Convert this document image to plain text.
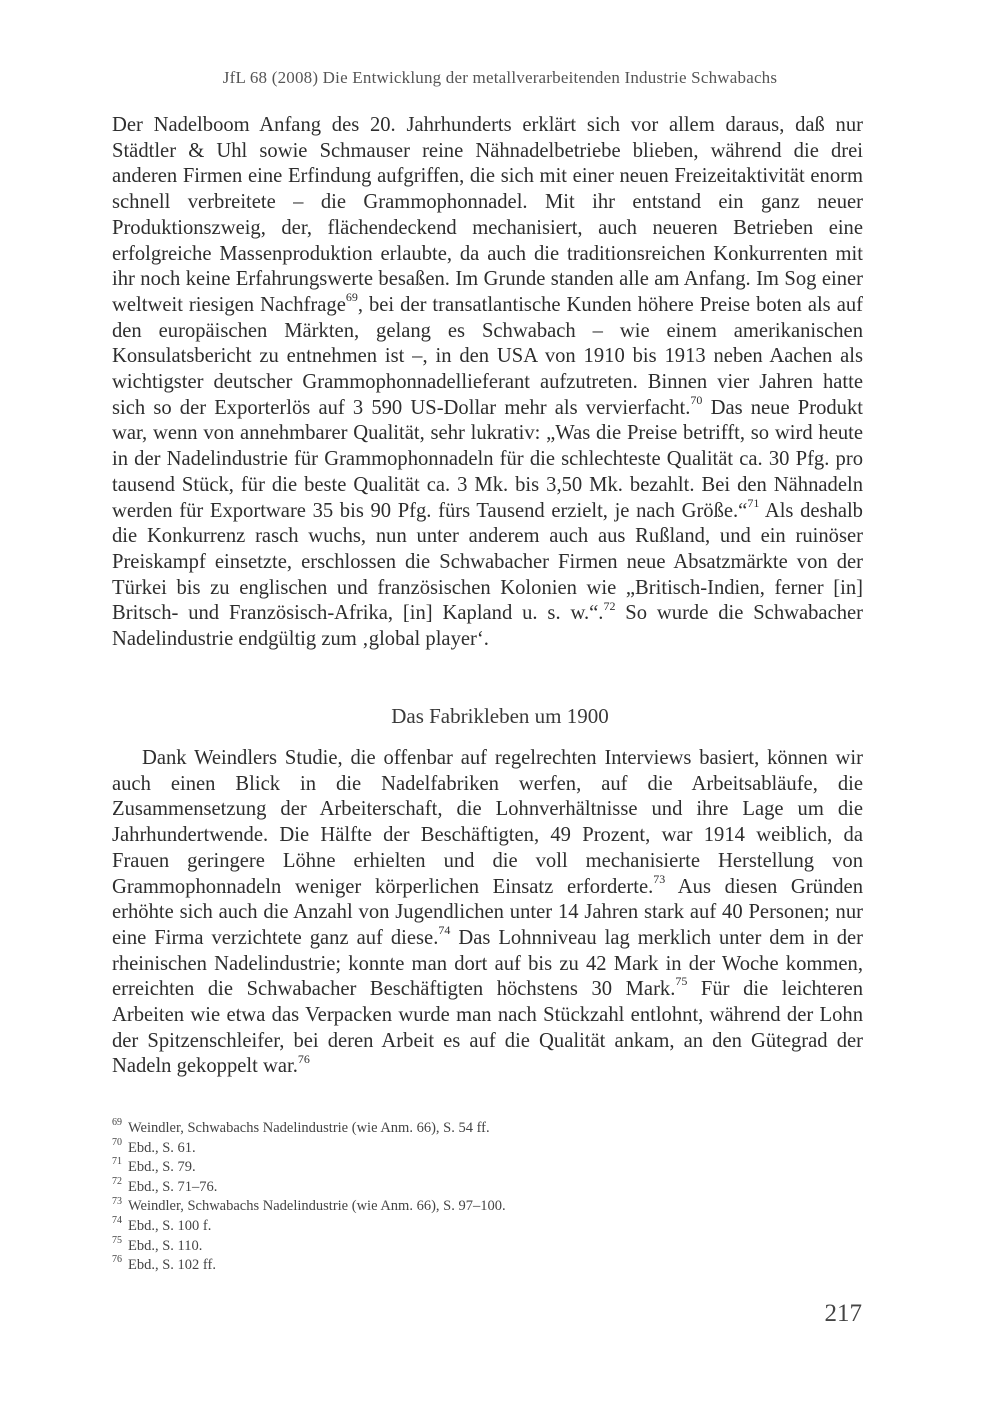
JfL 68 (2008) Die Entwicklung der metallverarbeitenden Industrie Schwabachs

Der Nadelboom Anfang des 20. Jahrhunderts erklärt sich vor allem daraus, daß nur Städtler & Uhl sowie Schmauser reine Nähnadelbetriebe blieben, während die drei anderen Firmen eine Erfindung aufgriffen, die sich mit einer neuen Freizeitaktivität enorm schnell verbreitete – die Grammophonnadel. Mit ihr entstand ein ganz neuer Produktionszweig, der, flächendeckend mechanisiert, auch neueren Betrieben eine erfolgreiche Massenproduktion erlaubte, da auch die traditionsreichen Konkurrenten mit ihr noch keine Erfahrungswerte besaßen. Im Grunde standen alle am Anfang. Im Sog einer weltweit riesigen Nachfrage$^{69}$, bei der transatlantische Kunden höhere Preise boten als auf den europäischen Märkten, gelang es Schwabach – wie einem amerikanischen Konsulatsbericht zu entnehmen ist –, in den USA von 1910 bis 1913 neben Aachen als wichtigster deutscher Grammophonnadellieferant aufzutreten. Binnen vier Jahren hatte sich so der Exporterlös auf 3 590 US-Dollar mehr als vervierfacht.$^{70}$ Das neue Produkt war, wenn von annehmbarer Qualität, sehr lukrativ: „Was die Preise betrifft, so wird heute in der Nadelindustrie für Grammophonnadeln für die schlechteste Qualität ca. 30 Pfg. pro tausend Stück, für die beste Qualität ca. 3 Mk. bis 3,50 Mk. bezahlt. Bei den Nähnadeln werden für Exportware 35 bis 90 Pfg. fürs Tausend erzielt, je nach Größe.“$^{71}$ Als deshalb die Konkurrenz rasch wuchs, nun unter anderem auch aus Rußland, und ein ruinöser Preiskampf einsetzte, erschlossen die Schwabacher Firmen neue Absatzmärkte von der Türkei bis zu englischen und französischen Kolonien wie „Britisch-Indien, ferner [in] Britsch- und Französisch-Afrika, [in] Kapland u. s. w.“.$^{72}$ So wurde die Schwabacher Nadelindustrie endgültig zum ‚global player‘.

Das Fabrikleben um 1900

Dank Weindlers Studie, die offenbar auf regelrechten Interviews basiert, können wir auch einen Blick in die Nadelfabriken werfen, auf die Arbeitsabläufe, die Zusammensetzung der Arbeiterschaft, die Lohnverhältnisse und ihre Lage um die Jahrhundertwende. Die Hälfte der Beschäftigten, 49 Prozent, war 1914 weiblich, da Frauen geringere Löhne erhielten und die voll mechanisierte Herstellung von Grammophonnadeln weniger körperlichen Einsatz erforderte.$^{73}$ Aus diesen Gründen erhöhte sich auch die Anzahl von Jugendlichen unter 14 Jahren stark auf 40 Personen; nur eine Firma verzichtete ganz auf diese.$^{74}$ Das Lohnniveau lag merklich unter dem in der rheinischen Nadelindustrie; konnte man dort auf bis zu 42 Mark in der Woche kommen, erreichten die Schwabacher Beschäftigten höchstens 30 Mark.$^{75}$ Für die leichteren Arbeiten wie etwa das Verpacken wurde man nach Stückzahl entlohnt, während der Lohn der Spitzenschleifer, bei deren Arbeit es auf die Qualität ankam, an den Gütegrad der Nadeln gekoppelt war.$^{76}$

$^{69}$ Weindler, Schwabachs Nadelindustrie (wie Anm. 66), S. 54 ff.

$^{70}$ Ebd., S. 61.

$^{71}$ Ebd., S. 79.

$^{72}$ Ebd., S. 71–76.

$^{73}$ Weindler, Schwabachs Nadelindustrie (wie Anm. 66), S. 97–100.

$^{74}$ Ebd., S. 100 f.

$^{75}$ Ebd., S. 110.

$^{76}$ Ebd., S. 102 ff.

217
